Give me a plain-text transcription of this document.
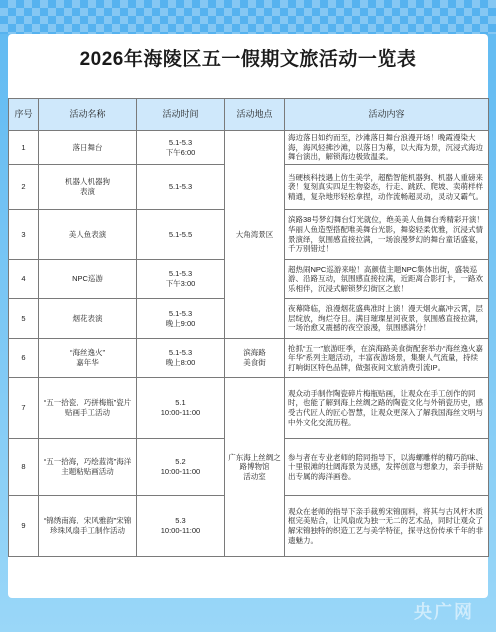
2026年海陵区五一假期文旅活动一览表
序号	活动名称	活动时间	活动地点	活动内容
1	落日舞台	5.1-5.3
下午6:00	大角湾景区	海边落日如约而至，沙滩落日舞台浪漫开场！晚霞漫染大海，海风轻拂沙滩，以落日为幕，以大海为景，沉浸式海边舞台演出，解锁海边极致温柔。
2	机器人机器狗
表演	5.1-5.3		当硬核科技遇上仿生美学，超酷智能机器狗、机器人重磅来袭！复刻真实四足生物姿态，行走、跳跃、爬坡、卖萌样样精通，复杂地形轻松拿捏，动作流畅超灵动，灵动又霸气。
3	美人鱼表演	5.1-5.5		滨路38号梦幻舞台灯光就位，绝美美人鱼舞台秀精彩开演！华丽人鱼造型搭配唯美舞台光影，舞姿轻柔优雅，沉浸式情景演绎，氛围感直接拉满，一场浪漫梦幻的舞台童话盛宴，千万别错过！
4	NPC巡游	5.1-5.3
下午3:00		超热闹NPC巡游来啦！高颜值主题NPC集体出街，盛装巡游、沿路互动，氛围感直接拉满，近距离合影打卡，一路欢乐相伴，沉浸式解锁梦幻街区之旅！
5	烟花表演	5.1-5.3
晚上9:00		夜幕降临，浪漫烟花盛典准时上演！漫天烟火赢冲云霄，层层绽放，绚烂夺目。满目璀璨星河夜景，氛围感直接拉满，一场治愈又震撼的夜空浪漫，氛围感满分！
6	“海丝逸火”
嘉年华	5.1-5.3
晚上8:00	滨海路
美食街	抢抓“五一”旅游旺季，在滨海路美食街配套举办“海丝逸火嘉年华”系列主题活动，丰富夜游场景，集聚人气流量，持续打响街区特色品牌，做强夜间文旅消费引流IP。
7	“五一拾瓷．巧拼梅瓶”瓷片贴画手工活动	5.1
10:00-11:00	广东海上丝绸之路博物馆
活动室	观众动手制作陶瓷碎片梅瓶贴画，让观众在手工创作的同时，也能了解到海上丝绸之路的陶瓷文化与外销瓷历史，感受古代匠人的匠心智慧，让观众更深入了解我国海丝文明与中外文化交流历程。
8	“五一拾海，巧绘蓝湾”海洋主题粘贴画活动	5.2
10:00-11:00		参与者在专业老师的陪同指导下，以海螺雕样的精巧韵味、十里银滩的壮阔海景为灵感，发挥创意与想象力，亲手拼贴出专属的海洋画卷。
9	“锦绣南海．宋风雅韵”宋锦珍珠风扇手工制作活动	5.3
10:00-11:00		观众在老师的指导下亲手裁剪宋锦面料，将其与古风杆木质框完美贴合，让风扇成为独一无二的艺术品，同时让观众了解宋锦独特的织造工艺与美学特征，探寻这份传承千年的非遗魅力。
央广网
